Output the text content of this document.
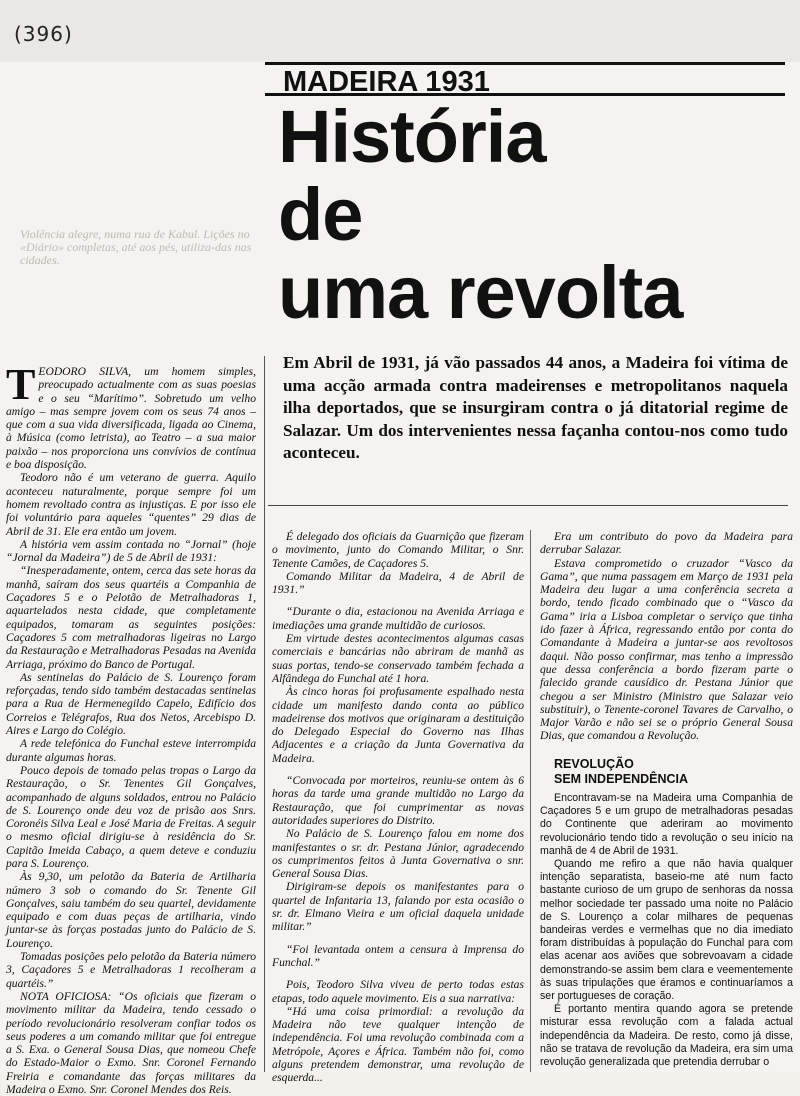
(396)
MADEIRA 1931
História
de
uma revolta
Violência alegre, numa rua de Kabul. Lições no «Diário» completas, até aos pés, utiliza-das nas cidades.
Em Abril de 1931, já vão passados 44 anos, a Madeira foi vítima de uma acção armada contra madeirenses e metropolitanos naquela ilha deportados, que se insurgiram contra o já ditatorial regime de Salazar. Um dos intervenientes nessa façanha contou-nos como tudo aconteceu.

TEODORO SILVA, um homem simples, preocupado actualmente com as suas poesias e o seu “Marítimo”. Sobretudo um velho amigo – mas sempre jovem com os seus 74 anos – que com a sua vida diversificada, ligada ao Cinema, à Música (como letrista), ao Teatro – a sua maior paixão – nos proporciona uns convívios de contínua e boa disposição.

Teodoro não é um veterano de guerra. Aquilo aconteceu naturalmente, porque sempre foi um homem revoltado contra as injustiças. E por isso ele foi voluntário para aqueles “quentes” 29 dias de Abril de 31. Ele era então um jovem.

A história vem assim contada no “Jornal” (hoje “Jornal da Madeira”) de 5 de Abril de 1931:

“Inesperadamente, ontem, cerca das sete horas da manhã, saíram dos seus quartéis a Companhia de Caçadores 5 e o Pelotão de Metralhadoras 1, aquartelados nesta cidade, que completamente equipados, tomaram as seguintes posições: Caçadores 5 com metralhadoras ligeiras no Largo da Restauração e Metralhadoras Pesadas na Avenida Arriaga, próximo do Banco de Portugal.

As sentinelas do Palácio de S. Lourenço foram reforçadas, tendo sido também destacadas sentinelas para a Rua de Hermenegildo Capelo, Edifício dos Correios e Telégrafos, Rua dos Netos, Arcebispo D. Aires e Largo do Colégio.

A rede telefónica do Funchal esteve interrompida durante algumas horas.

Pouco depois de tomado pelas tropas o Largo da Restauração, o Sr. Tenentes Gil Gonçalves, acompanhado de alguns soldados, entrou no Palácio de S. Lourenço onde deu voz de prisão aos Snrs. Coronéis Silva Leal e José Maria de Freitas. A seguir o mesmo oficial dirigiu-se à residência do Sr. Capitão Imeida Cabaço, a quem deteve e conduziu para S. Lourenço.

Às 9,30, um pelotão da Bateria de Artilharia número 3 sob o comando do Sr. Tenente Gil Gonçalves, saiu também do seu quartel, devidamente equipado e com duas peças de artilharia, vindo juntar-se às forças postadas junto do Palácio de S. Lourenço.

Tomadas posições pelo pelotão da Bateria número 3, Caçadores 5 e Metralhadoras 1 recolheram a quartéis.”

NOTA OFICIOSA: “Os oficiais que fizeram o movimento militar da Madeira, tendo cessado o período revolucionário resolveram confiar todos os seus poderes a um comando militar que foi entregue a S. Exa. o General Sousa Dias, que nomeou Chefe do Estado-Maior o Exmo. Snr. Coronel Fernando Freiria e comandante das forças militares da Madeira o Exmo. Snr. Coronel Mendes dos Reis.

É delegado dos oficiais da Guarnição que fizeram o movimento, junto do Comando Militar, o Snr. Tenente Camões, de Caçadores 5.

Comando Militar da Madeira, 4 de Abril de 1931.”

“Durante o dia, estacionou na Avenida Arriaga e imediações uma grande multidão de curiosos.

Em virtude destes acontecimentos algumas casas comerciais e bancárias não abriram de manhã as suas portas, tendo-se conservado também fechada a Alfândega do Funchal até 1 hora.

Às cinco horas foi profusamente espalhado nesta cidade um manifesto dando conta ao público madeirense dos motivos que originaram a destituição do Delegado Especial do Governo nas Ilhas Adjacentes e a criação da Junta Governativa da Madeira.

“Convocada por morteiros, reuniu-se ontem às 6 horas da tarde uma grande multidão no Largo da Restauração, que foi cumprimentar as novas autoridades superiores do Distrito.

No Palácio de S. Lourenço falou em nome dos manifestantes o sr. dr. Pestana Júnior, agradecendo os cumprimentos feitos à Junta Governativa o snr. General Sousa Dias.

Dirigiram-se depois os manifestantes para o quartel de Infantaria 13, falando por esta ocasião o sr. dr. Elmano Vieira e um oficial daquela unidade militar.”

“Foi levantada ontem a censura à Imprensa do Funchal.”

Pois, Teodoro Silva viveu de perto todas estas etapas, todo aquele movimento. Eis a sua narrativa:

“Há uma coisa primordial: a revolução da Madeira não teve qualquer intenção de independência. Foi uma revolução combinada com a Metrópole, Açores e África. Também não foi, como alguns pretendem demonstrar, uma revolução de esquerda...

Era um contributo do povo da Madeira para derrubar Salazar.

Estava comprometido o cruzador “Vasco da Gama”, que numa passagem em Março de 1931 pela Madeira deu lugar a uma conferência secreta a bordo, tendo ficado combinado que o “Vasco da Gama” iria a Lisboa completar o serviço que tinha ido fazer à África, regressando então por conta do Comandante à Madeira a juntar-se aos revoltosos daqui. Não posso confirmar, mas tenho a impressão que dessa conferência a bordo fizeram parte o falecido grande causídico dr. Pestana Júnior que chegou a ser Ministro (Ministro que Salazar veio substituir), o Tenente-coronel Tavares de Carvalho, o Major Varão e não sei se o próprio General Sousa Dias, que comandou a Revolução.

REVOLUÇÃO
SEM INDEPENDÊNCIA

Encontravam-se na Madeira uma Companhia de Caçadores 5 e um grupo de metralhadoras pesadas do Continente que aderiram ao movimento revolucionário tendo tido a revolução o seu início na manhã de 4 de Abril de 1931.

Quando me refiro a que não havia qualquer intenção separatista, baseio-me até num facto bastante curioso de um grupo de senhoras da nossa melhor sociedade ter passado uma noite no Palácio de S. Lourenço a colar milhares de pequenas bandeiras verdes e vermelhas que no dia imediato foram distribuídas à população do Funchal para com elas acenar aos aviões que sobrevoavam a cidade demonstrando-se assim bem clara e veementemente às suas tripulações que éramos e continuaríamos a ser portugueses de coração.

É portanto mentira quando agora se pretende misturar essa revolução com a falada actual independência da Madeira. De resto, como já disse, não se tratava de revolução da Madeira, era sim uma revolução generalizada que pretendia derrubar o
